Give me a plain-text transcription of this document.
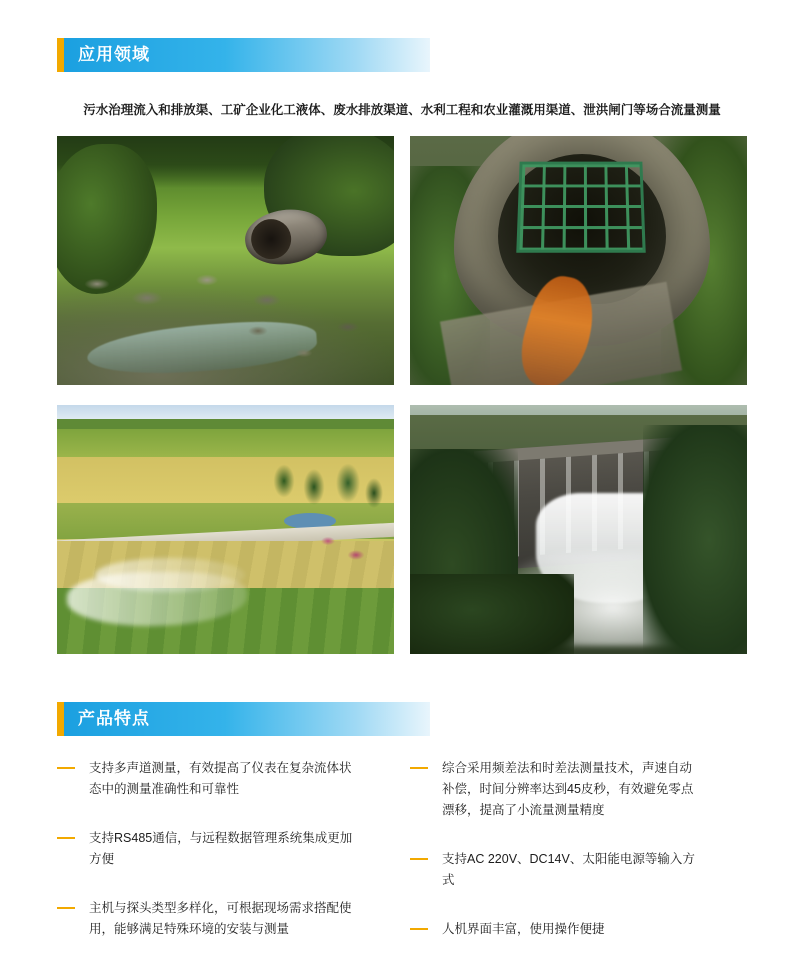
应用领域
污水治理流入和排放渠、工矿企业化工液体、废水排放渠道、水利工程和农业灌溉用渠道、泄洪闸门等场合流量测量
产品特点
支持多声道测量，有效提高了仪表在复杂流体状态中的测量准确性和可靠性
支持RS485通信，与远程数据管理系统集成更加方便
主机与探头类型多样化，可根据现场需求搭配使用，能够满足特殊环境的安装与测量
综合采用频差法和时差法测量技术，声速自动补偿，时间分辨率达到45皮秒，有效避免零点漂移，提高了小流量测量精度
支持AC 220V、DC14V、太阳能电源等输入方式
人机界面丰富，使用操作便捷
